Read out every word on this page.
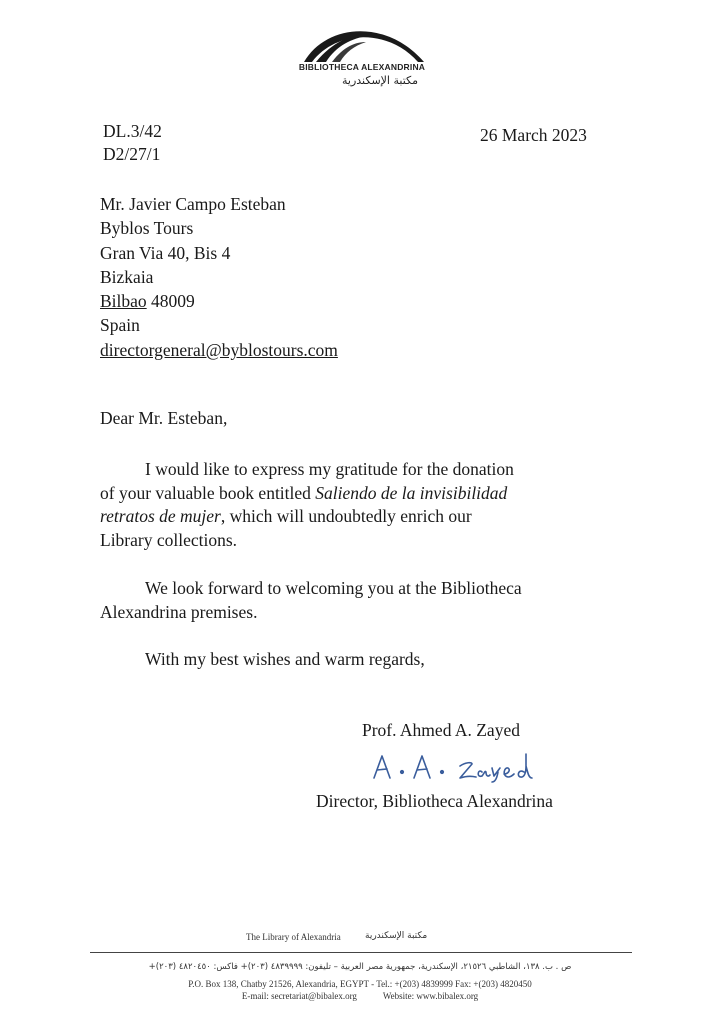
BIBLIOTHECA ALEXANDRINA
مكتبة الإسكندرية
DL.3/42
D2/27/1
26 March 2023
Mr. Javier Campo Esteban
Byblos Tours
Gran Via 40, Bis 4
Bizkaia
Bilbao 48009
Spain
directorgeneral@byblostours.com
Dear Mr. Esteban,
I would like to express my gratitude for the donation
of your valuable book entitled Saliendo de la invisibilidad
retratos de mujer, which will undoubtedly enrich our
Library collections.
We look forward to welcoming you at the Bibliotheca
Alexandrina premises.
With my best wishes and warm regards,
Prof. Ahmed A. Zayed
Director, Bibliotheca Alexandrina
The Library of Alexandria	مكتبة الإسكندرية
ص . ب. ١٣٨، الشاطبي ٢١٥٢٦، الإسكندرية، جمهورية مصر العربية – تليفون: ٤٨٣٩٩٩٩ (٢٠٣)+ فاكس: ٤٨٢٠٤٥٠ (٢٠٣)+
P.O. Box 138, Chatby 21526, Alexandria, EGYPT - Tel.: +(203) 4839999 Fax: +(203) 4820450
E-mail: secretariat@bibalex.org	Website: www.bibalex.org
